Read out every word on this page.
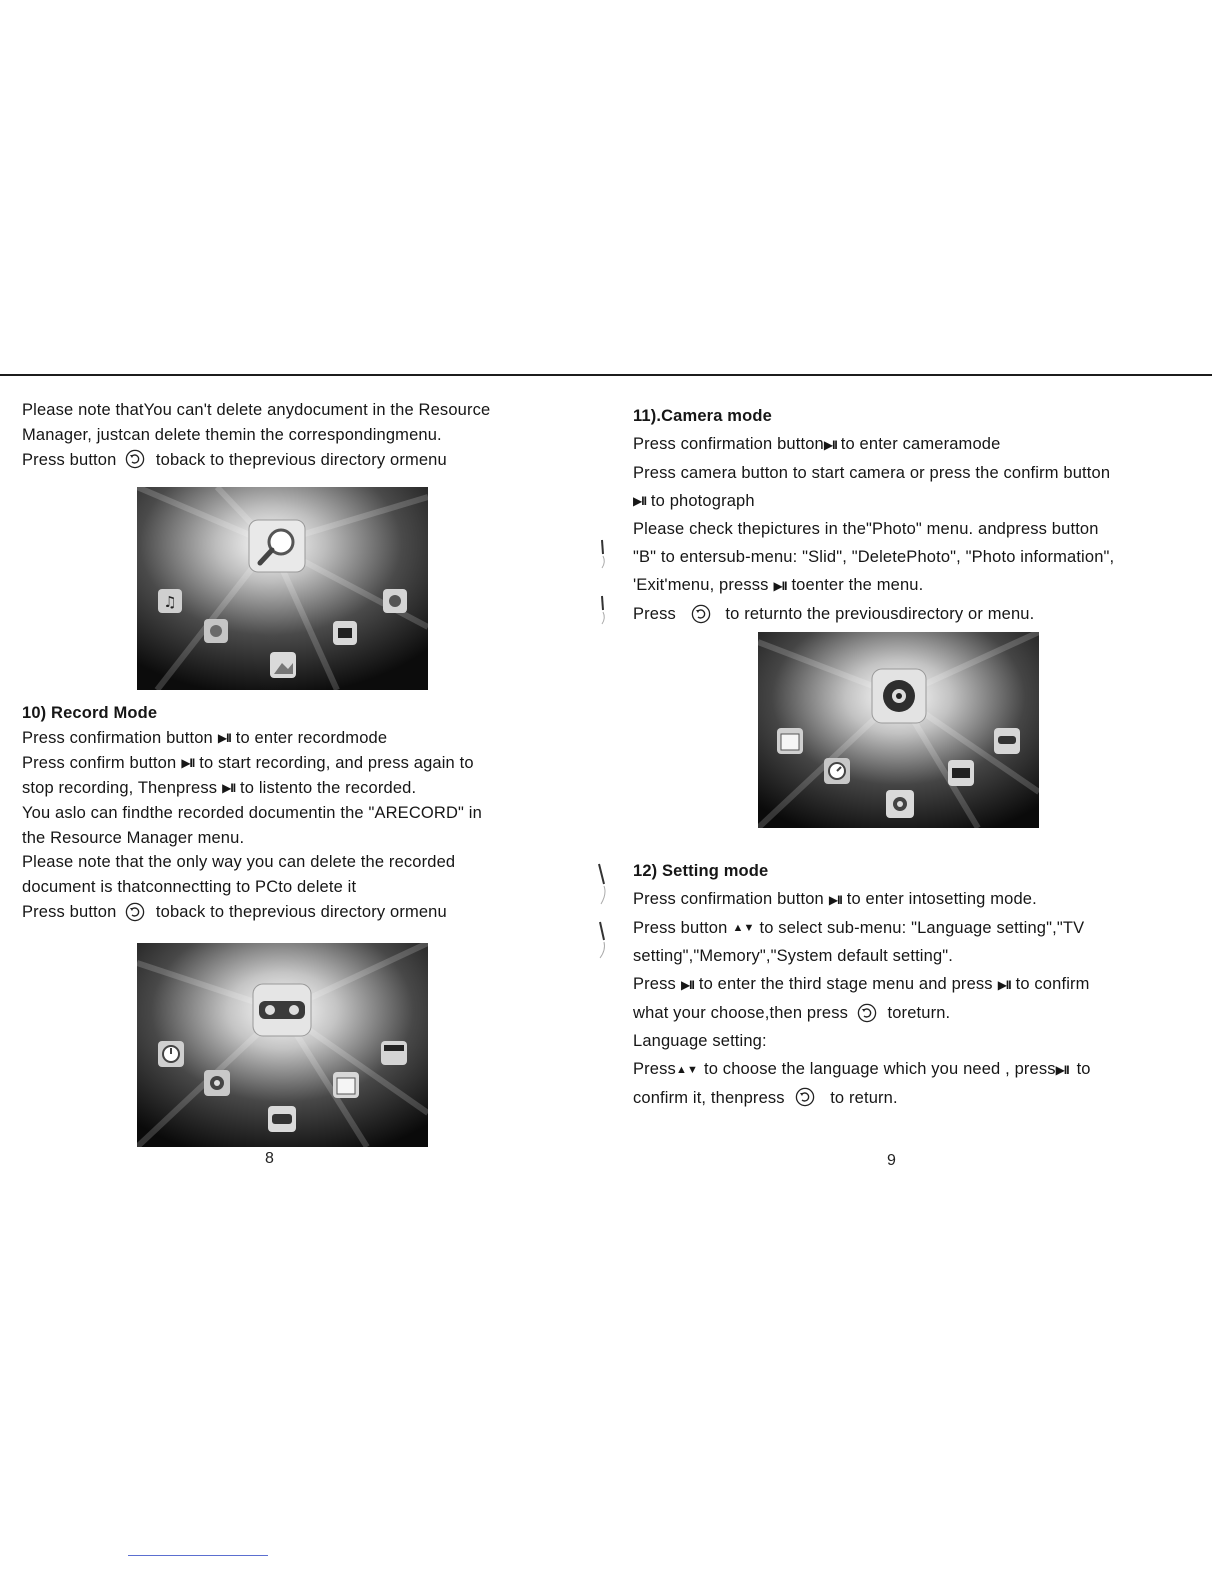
Please note thatYou can't delete anydocument in the Resource
Manager, justcan delete themin the correspondingmenu.
Press button toback to theprevious directory ormenu
♫
10) Record Mode
Press confirmation button ▶II to enter recordmode
Press confirm button ▶II to start recording, and press again to
stop recording, Thenpress ▶II to listento the recorded.
You aslo can findthe recorded documentin the "ARECORD" in
the Resource Manager menu.
Please note that the only way you can delete the recorded
document is thatconnectting to PCto delete it
Press button toback to theprevious directory ormenu
8
11).Camera mode
Press confirmation button▶II to enter cameramode
Press camera button to start camera or press the confirm button
▶II to photograph
Please check thepictures in the"Photo" menu. andpress button
"B" to entersub-menu: "Slid", "DeletePhoto", "Photo information",
'Exit'menu, presss ▶II toenter the menu.
Press	to returnto the previousdirectory or menu.
12) Setting mode
Press confirmation button ▶II to enter intosetting mode.
Press button ▲▼ to select sub-menu: "Language setting","TV
setting","Memory","System default setting".
Press ▶II to enter the third stage menu and press ▶II to confirm
what your choose,then press toreturn.
Language setting:
Press▲▼ to choose the language which you need , press▶II to
confirm it, thenpress	to return.
9
